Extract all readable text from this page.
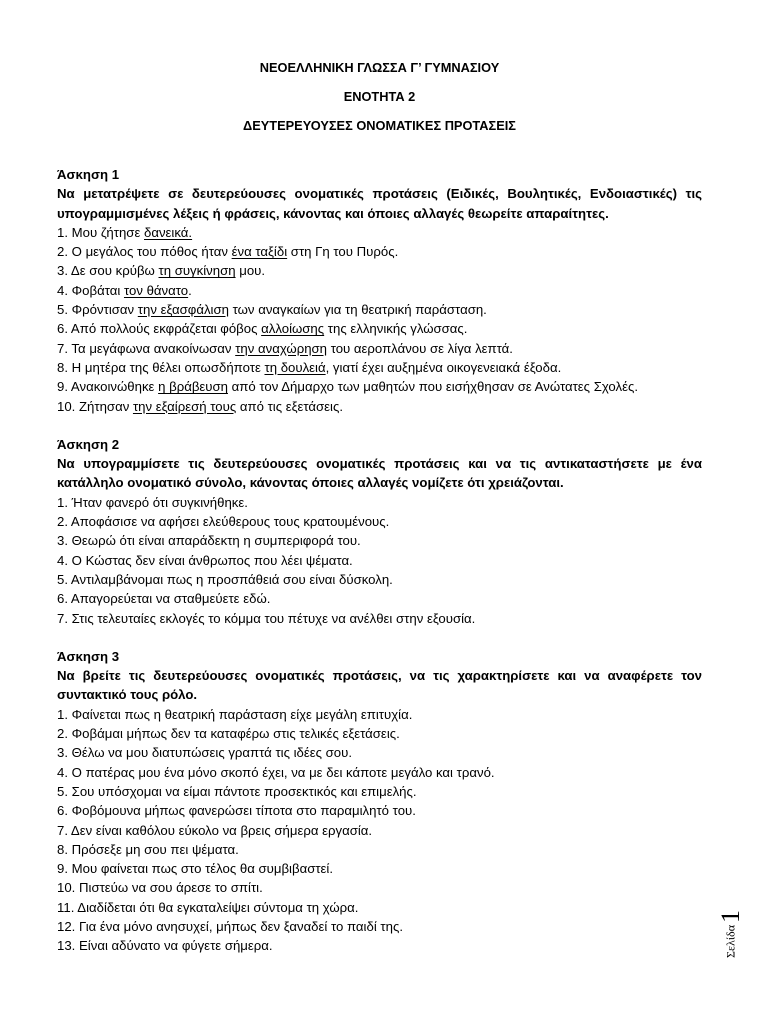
ΝΕΟΕΛΛΗΝΙΚΗ ΓΛΩΣΣΑ Γ’ ΓΥΜΝΑΣΙΟΥ
ΕΝΟΤΗΤΑ 2
ΔΕΥΤΕΡΕΥΟΥΣΕΣ ΟΝΟΜΑΤΙΚΕΣ ΠΡΟΤΑΣΕΙΣ
Άσκηση 1
Να μετατρέψετε σε δευτερεύουσες ονοματικές προτάσεις (Ειδικές, Βουλητικές, Ενδοιαστικές) τις υπογραμμισμένες λέξεις ή φράσεις, κάνοντας και όποιες αλλαγές θεωρείτε απαραίτητες.
1. Μου ζήτησε δανεικά.
2. Ο μεγάλος του πόθος ήταν ένα ταξίδι στη Γη του Πυρός.
3. Δε σου κρύβω τη συγκίνηση μου.
4. Φοβάται τον θάνατο.
5. Φρόντισαν την εξασφάλιση των αναγκαίων για τη θεατρική παράσταση.
6. Από πολλούς εκφράζεται φόβος αλλοίωσης της ελληνικής γλώσσας.
7. Τα μεγάφωνα ανακοίνωσαν την αναχώρηση του αεροπλάνου σε λίγα λεπτά.
8. Η μητέρα της θέλει οπωσδήποτε τη δουλειά, γιατί έχει αυξημένα οικογενειακά έξοδα.
9. Ανακοινώθηκε η βράβευση από τον Δήμαρχο των μαθητών που εισήχθησαν σε Ανώτατες Σχολές.
10. Ζήτησαν την εξαίρεσή τους από τις εξετάσεις.
Άσκηση 2
Να υπογραμμίσετε τις δευτερεύουσες ονοματικές προτάσεις και να τις αντικαταστήσετε με ένα κατάλληλο ονοματικό σύνολο, κάνοντας όποιες αλλαγές νομίζετε ότι χρειάζονται.
1. Ήταν φανερό ότι συγκινήθηκε.
2. Αποφάσισε να αφήσει ελεύθερους τους κρατουμένους.
3. Θεωρώ ότι είναι απαράδεκτη η συμπεριφορά του.
4. Ο Κώστας δεν είναι άνθρωπος που λέει ψέματα.
5. Αντιλαμβάνομαι πως η προσπάθειά σου είναι δύσκολη.
6. Απαγορεύεται να σταθμεύετε εδώ.
7. Στις τελευταίες εκλογές το κόμμα του πέτυχε να ανέλθει στην εξουσία.
Άσκηση 3
Να βρείτε τις δευτερεύουσες ονοματικές προτάσεις, να τις χαρακτηρίσετε και να αναφέρετε τον συντακτικό τους ρόλο.
1. Φαίνεται πως η θεατρική παράσταση είχε μεγάλη επιτυχία.
2. Φοβάμαι μήπως δεν τα καταφέρω στις τελικές εξετάσεις.
3. Θέλω να μου διατυπώσεις γραπτά τις ιδέες σου.
4. Ο πατέρας μου ένα μόνο σκοπό έχει, να με δει κάποτε μεγάλο και τρανό.
5. Σου υπόσχομαι να είμαι πάντοτε προσεκτικός και επιμελής.
6. Φοβόμουνα μήπως φανερώσει τίποτα στο παραμιλητό του.
7. Δεν είναι καθόλου εύκολο να βρεις σήμερα εργασία.
8. Πρόσεξε μη σου πει ψέματα.
9. Μου φαίνεται πως στο τέλος θα συμβιβαστεί.
10. Πιστεύω να σου άρεσε το σπίτι.
11. Διαδίδεται ότι θα εγκαταλείψει σύντομα τη χώρα.
12. Για ένα μόνο ανησυχεί, μήπως δεν ξαναδεί το παιδί της.
13. Είναι αδύνατο να φύγετε σήμερα.	Σελίδα
1
